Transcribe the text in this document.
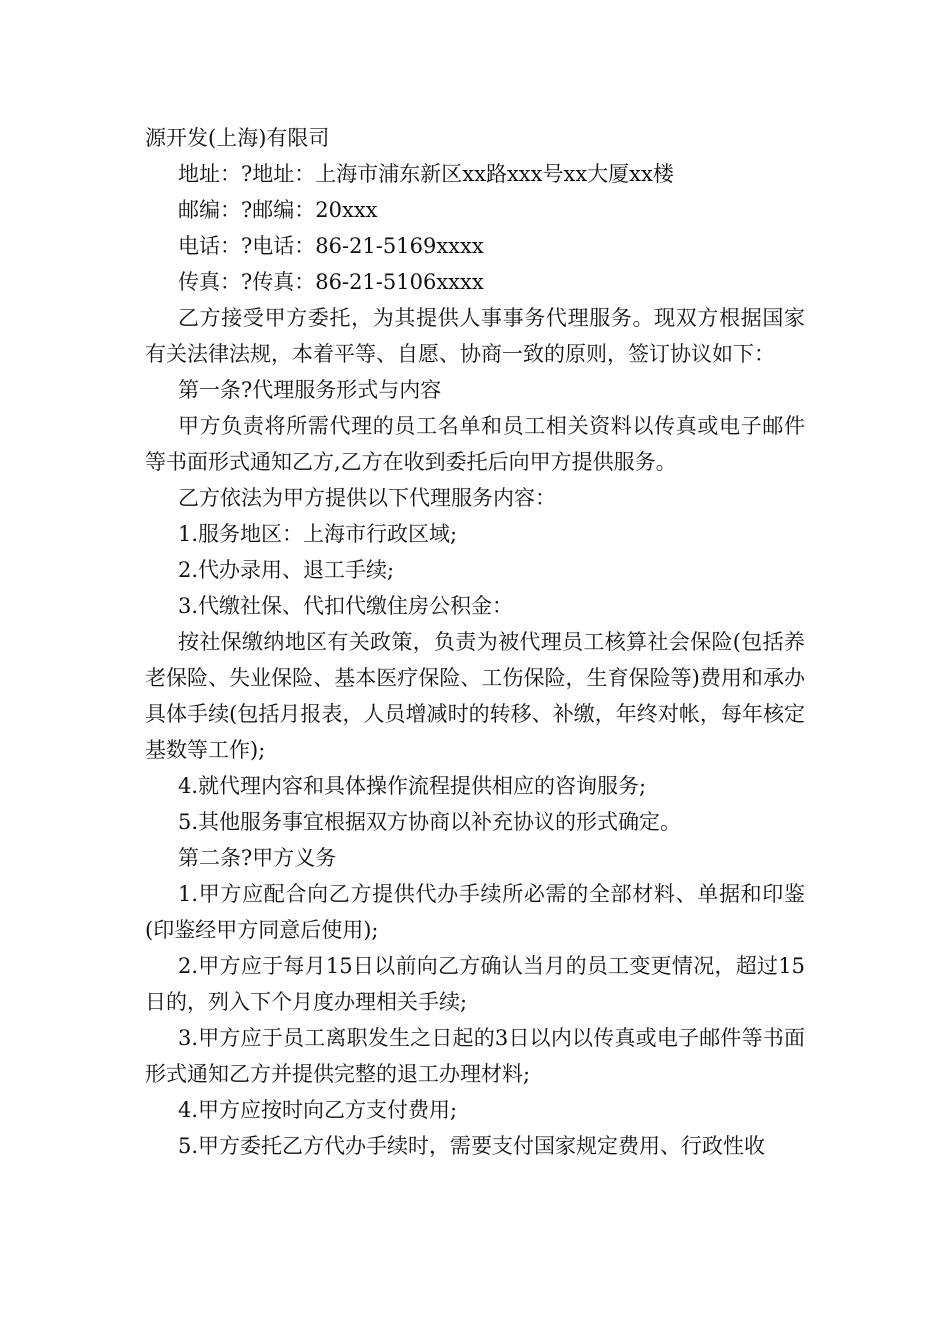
源开发(上海)有限司

地址：?地址：上海市浦东新区xx路xxx号xx大厦xx楼

邮编：?邮编：20xxx

电话：?电话：86-21-5169xxxx

传真：?传真：86-21-5106xxxx

乙方接受甲方委托，为其提供人事事务代理服务。现双方根据国家有关法律法规，本着平等、自愿、协商一致的原则，签订协议如下：

第一条?代理服务形式与内容

甲方负责将所需代理的员工名单和员工相关资料以传真或电子邮件等书面形式通知乙方,乙方在收到委托后向甲方提供服务。

乙方依法为甲方提供以下代理服务内容：

1.服务地区：上海市行政区域;

2.代办录用、退工手续;

3.代缴社保、代扣代缴住房公积金：

按社保缴纳地区有关政策，负责为被代理员工核算社会保险(包括养老保险、失业保险、基本医疗保险、工伤保险，生育保险等)费用和承办具体手续(包括月报表，人员增减时的转移、补缴，年终对帐，每年核定基数等工作);

4.就代理内容和具体操作流程提供相应的咨询服务;

5.其他服务事宜根据双方协商以补充协议的形式确定。

第二条?甲方义务

1.甲方应配合向乙方提供代办手续所必需的全部材料、单据和印鉴(印鉴经甲方同意后使用);

2.甲方应于每月15日以前向乙方确认当月的员工变更情况，超过15日的，列入下个月度办理相关手续;

3.甲方应于员工离职发生之日起的3日以内以传真或电子邮件等书面形式通知乙方并提供完整的退工办理材料;

4.甲方应按时向乙方支付费用;

5.甲方委托乙方代办手续时，需要支付国家规定费用、行政性收
